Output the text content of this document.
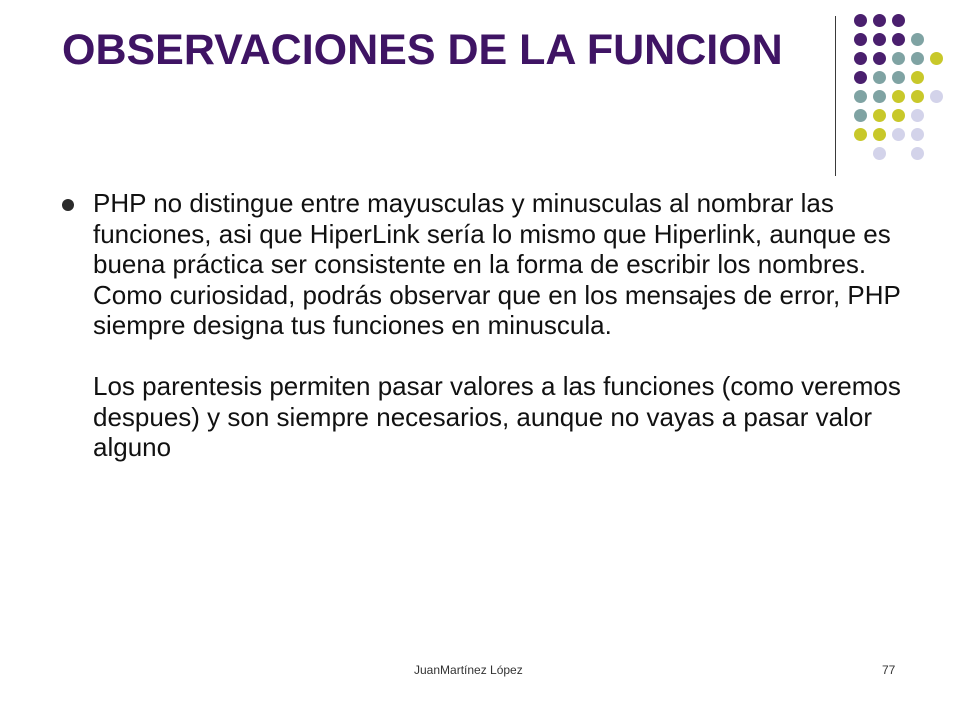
OBSERVACIONES DE LA FUNCION

PHP no distingue entre mayusculas y minusculas al nombrar las funciones, asi que HiperLink sería lo mismo que Hiperlink, aunque es buena práctica ser consistente en la forma de escribir los nombres. Como curiosidad, podrás observar que en los mensajes de error, PHP siempre designa tus funciones en minuscula.

Los parentesis permiten pasar valores a las funciones (como veremos despues) y son siempre necesarios, aunque no vayas a pasar valor alguno

JuanMartínez López	77
